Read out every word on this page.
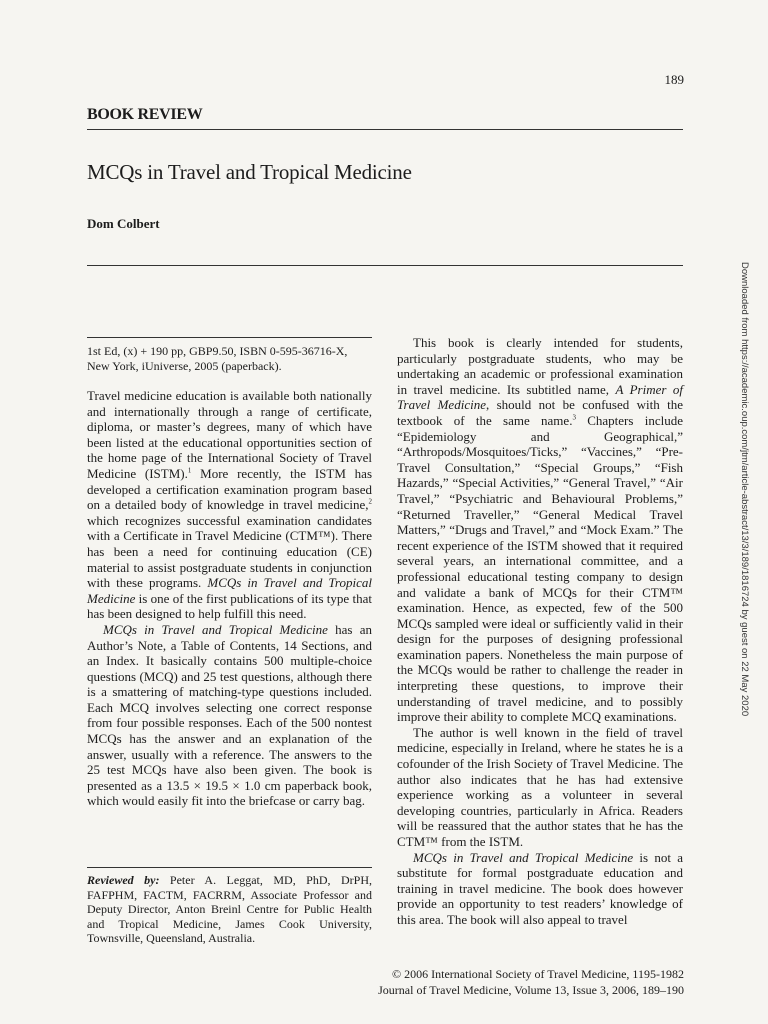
189
BOOK REVIEW
MCQs in Travel and Tropical Medicine
Dom Colbert
1st Ed, (x) + 190 pp, GBP9.50, ISBN 0-595-36716-X, New York, iUniverse, 2005 (paperback).

Travel medicine education is available both nationally and internationally through a range of certificate, diploma, or master’s degrees, many of which have been listed at the educational opportunities section of the home page of the International Society of Travel Medicine (ISTM).$^1$ More recently, the ISTM has developed a certification examination program based on a detailed body of knowledge in travel medicine,$^2$ which recognizes successful examination candidates with a Certificate in Travel Medicine (CTM™). There has been a need for continuing education (CE) material to assist postgraduate students in conjunction with these programs. MCQs in Travel and Tropical Medicine is one of the first publications of its type that has been designed to help fulfill this need.

MCQs in Travel and Tropical Medicine has an Author’s Note, a Table of Contents, 14 Sections, and an Index. It basically contains 500 multiple-choice questions (MCQ) and 25 test questions, although there is a smattering of matching-type questions included. Each MCQ involves selecting one correct response from four possible responses. Each of the 500 nontest MCQs has the answer and an explanation of the answer, usually with a reference. The answers to the 25 test MCQs have also been given. The book is presented as a 13.5 × 19.5 × 1.0 cm paperback book, which would easily fit into the briefcase or carry bag.

Reviewed by: Peter A. Leggat, MD, PhD, DrPH, FAFPHM, FACTM, FACRRM, Associate Professor and Deputy Director, Anton Breinl Centre for Public Health and Tropical Medicine, James Cook University, Townsville, Queensland, Australia.

This book is clearly intended for students, particularly postgraduate students, who may be undertaking an academic or professional examination in travel medicine. Its subtitled name, A Primer of Travel Medicine, should not be confused with the textbook of the same name.$^3$ Chapters include “Epidemiology and Geographical,” “Arthropods/Mosquitoes/Ticks,” “Vaccines,” “Pre-Travel Consultation,” “Special Groups,” “Fish Hazards,” “Special Activities,” “General Travel,” “Air Travel,” “Psychiatric and Behavioural Problems,” “Returned Traveller,” “General Medical Travel Matters,” “Drugs and Travel,” and “Mock Exam.” The recent experience of the ISTM showed that it required several years, an international committee, and a professional educational testing company to design and validate a bank of MCQs for their CTM™ examination. Hence, as expected, few of the 500 MCQs sampled were ideal or sufficiently valid in their design for the purposes of designing professional examination papers. Nonetheless the main purpose of the MCQs would be rather to challenge the reader in interpreting these questions, to improve their understanding of travel medicine, and to possibly improve their ability to complete MCQ examinations.

The author is well known in the field of travel medicine, especially in Ireland, where he states he is a cofounder of the Irish Society of Travel Medicine. The author also indicates that he has had extensive experience working as a volunteer in several developing countries, particularly in Africa. Readers will be reassured that the author states that he has the CTM™ from the ISTM.

MCQs in Travel and Tropical Medicine is not a substitute for formal postgraduate education and training in travel medicine. The book does however provide an opportunity to test readers’ knowledge of this area. The book will also appeal to travel

© 2006 International Society of Travel Medicine, 1195-1982
Journal of Travel Medicine, Volume 13, Issue 3, 2006, 189–190
Downloaded from https://academic.oup.com/jtm/article-abstract/13/3/189/1816724 by guest on 22 May 2020
